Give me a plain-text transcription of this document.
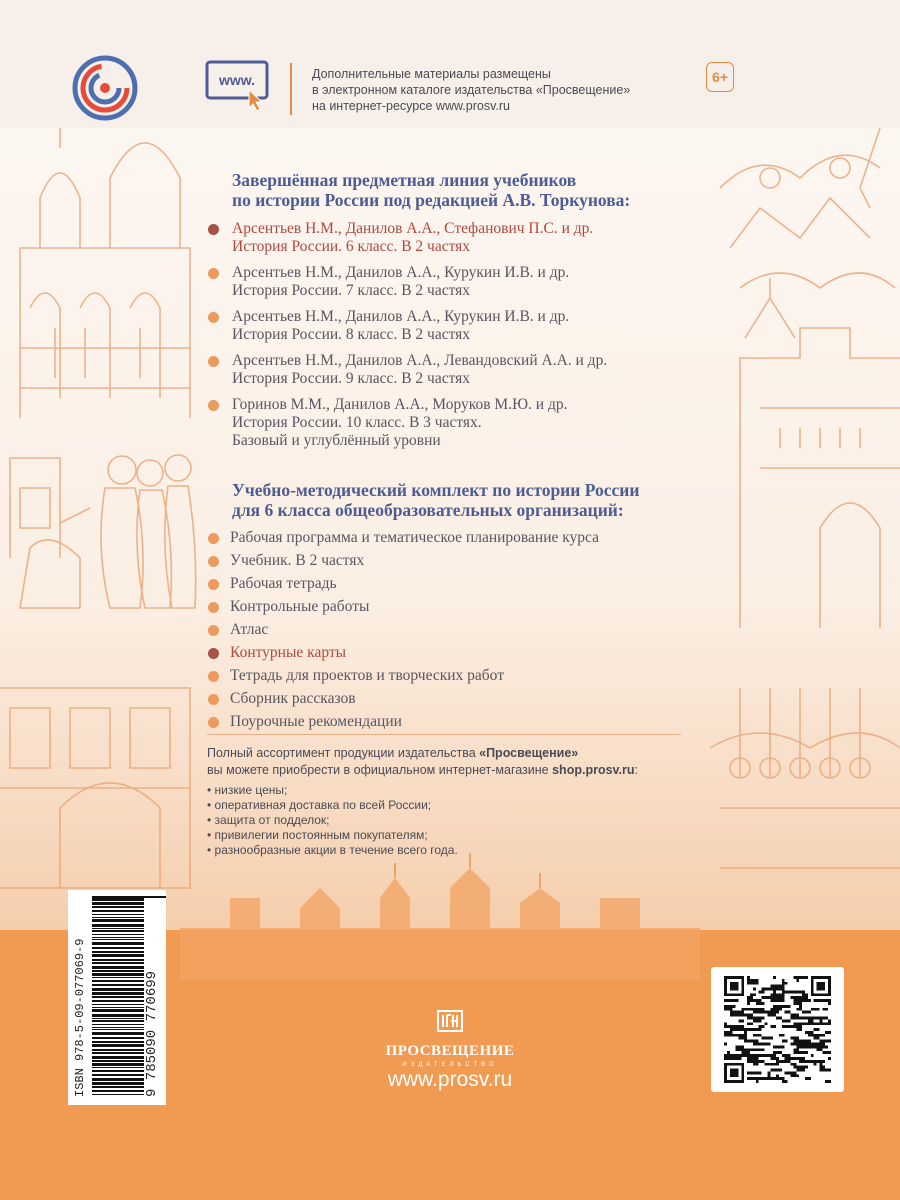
www.	Дополнительные материалы размещены
в электронном каталоге издательства «Просвещение»
на интернет-ресурсе www.prosv.ru
6+
Завершённая предметная линия учебников
по истории России под редакцией А.В. Торкунова:
Арсентьев Н.М., Данилов А.А., Стефанович П.С. и др.
История России. 6 класс. В 2 частях
Арсентьев Н.М., Данилов А.А., Курукин И.В. и др.
История России. 7 класс. В 2 частях
Арсентьев Н.М., Данилов А.А., Курукин И.В. и др.
История России. 8 класс. В 2 частях
Арсентьев Н.М., Данилов А.А., Левандовский А.А. и др.
История России. 9 класс. В 2 частях
Горинов М.М., Данилов А.А., Моруков М.Ю. и др.
История России. 10 класс. В 3 частях.
Базовый и углублённый уровни
Учебно-методический комплект по истории России
для 6 класса общеобразовательных организаций:
Рабочая программа и тематическое планирование курса
Учебник. В 2 частях
Рабочая тетрадь
Контрольные работы
Атлас
Контурные карты
Тетрадь для проектов и творческих работ
Сборник рассказов
Поурочные рекомендации
Полный ассортимент продукции издательства «Просвещение»
вы можете приобрести в официальном интернет-магазине shop.prosv.ru:
• низкие цены;
• оперативная доставка по всей России;
• защита от подделок;
• привилегии постоянным покупателям;
• разнообразные акции в течение всего года.
ISBN 978-5-09-077069-9	9 785090 770699	ПРОСВЕЩЕНИЕ
ИЗДАТЕЛЬСТВО
www.prosv.ru
